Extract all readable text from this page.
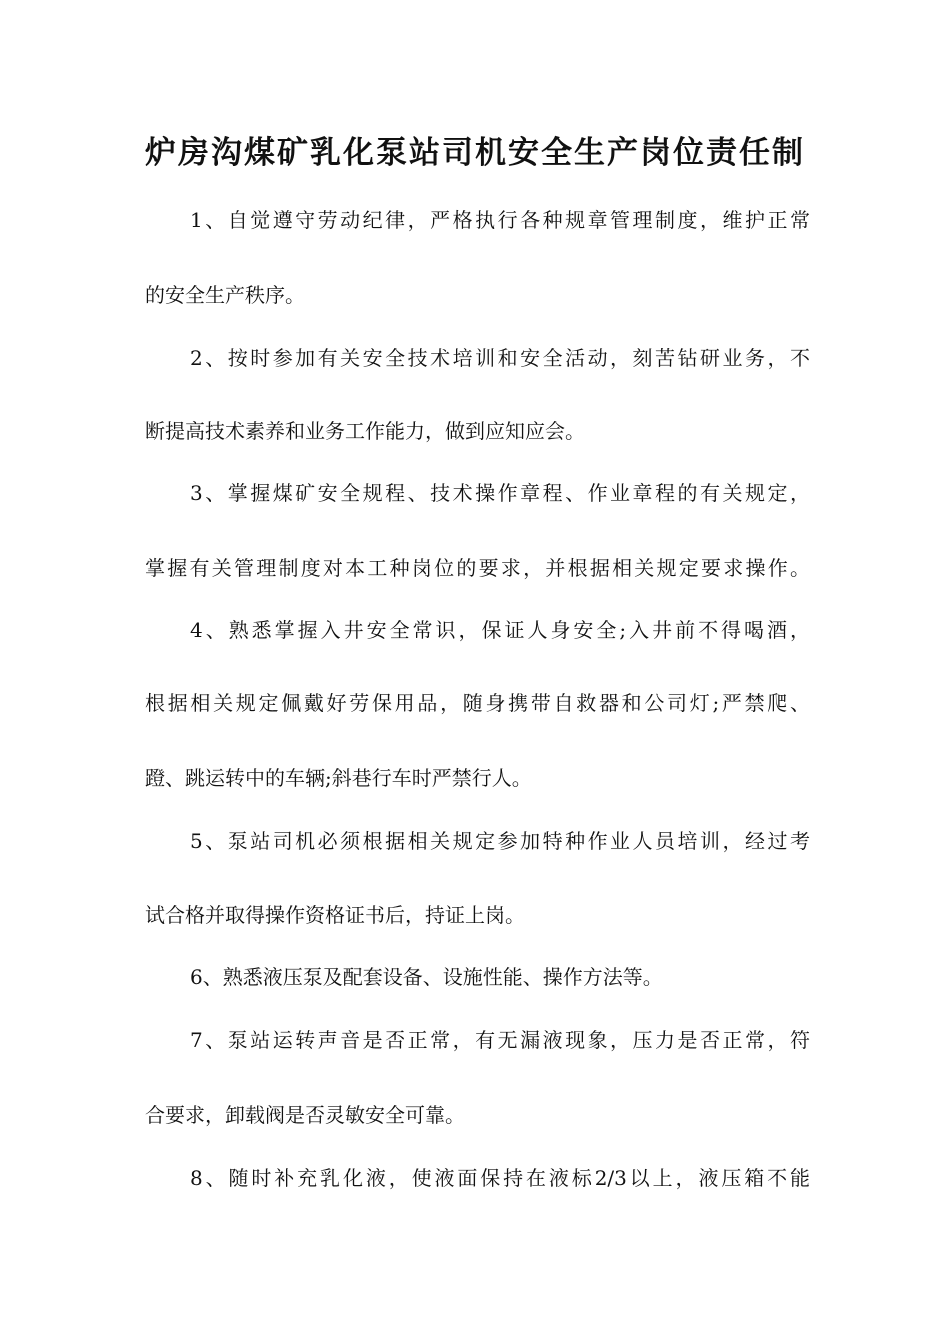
炉房沟煤矿乳化泵站司机安全生产岗位责任制
1、自觉遵守劳动纪律，严格执行各种规章管理制度，维护正常
的安全生产秩序。
2、按时参加有关安全技术培训和安全活动，刻苦钻研业务，不
断提高技术素养和业务工作能力，做到应知应会。
3、掌握煤矿安全规程、技术操作章程、作业章程的有关规定，
掌握有关管理制度对本工种岗位的要求，并根据相关规定要求操作。
4、熟悉掌握入井安全常识，保证人身安全;入井前不得喝酒，
根据相关规定佩戴好劳保用品，随身携带自救器和公司灯;严禁爬、
蹬、跳运转中的车辆;斜巷行车时严禁行人。
5、泵站司机必须根据相关规定参加特种作业人员培训，经过考
试合格并取得操作资格证书后，持证上岗。
6、熟悉液压泵及配套设备、设施性能、操作方法等。
7、泵站运转声音是否正常，有无漏液现象，压力是否正常，符
合要求，卸载阀是否灵敏安全可靠。
8、随时补充乳化液，使液面保持在液标2/3以上，液压箱不能
